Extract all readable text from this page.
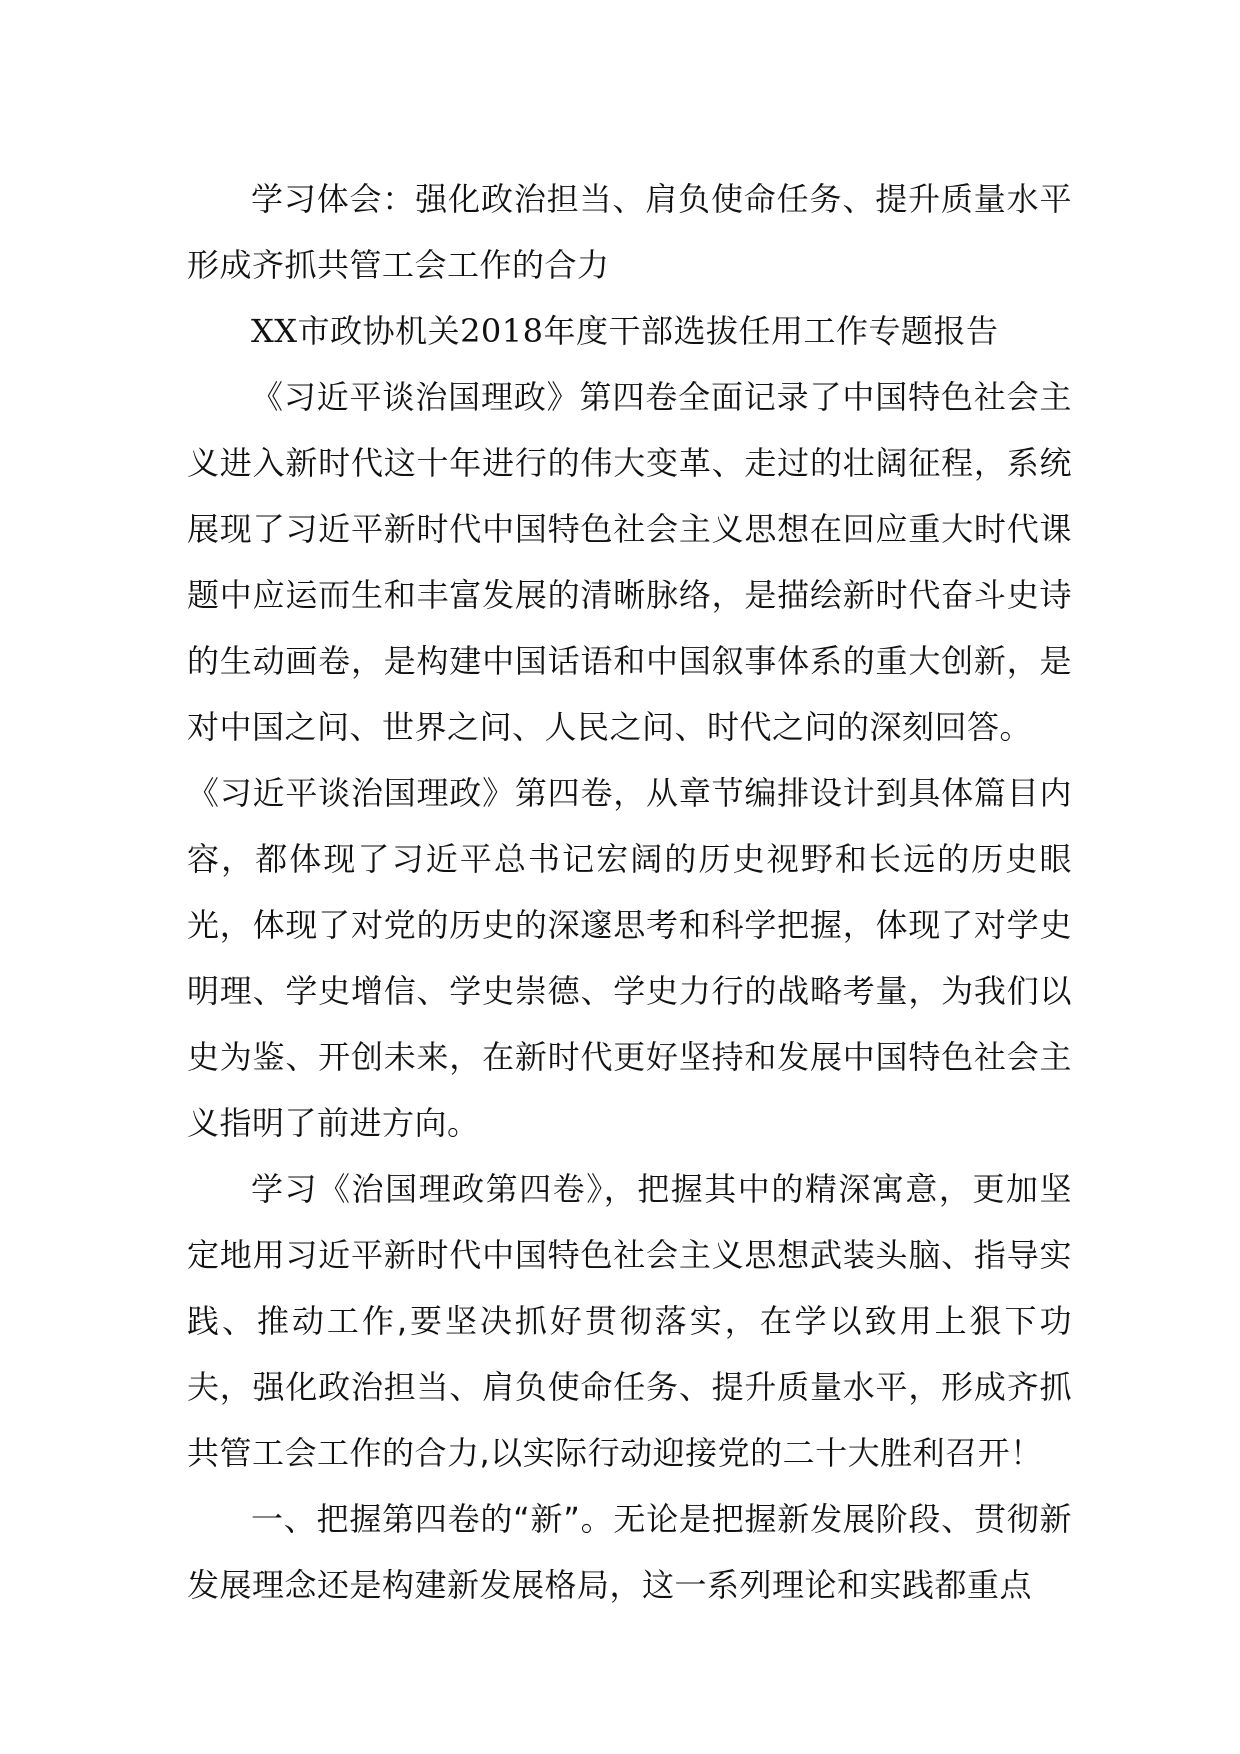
学习体会：强化政治担当、肩负使命任务、提升质量水平形成齐抓共管工会工作的合力

XX市政协机关2018年度干部选拔任用工作专题报告

《习近平谈治国理政》第四卷全面记录了中国特色社会主义进入新时代这十年进行的伟大变革、走过的壮阔征程，系统展现了习近平新时代中国特色社会主义思想在回应重大时代课题中应运而生和丰富发展的清晰脉络，是描绘新时代奋斗史诗的生动画卷，是构建中国话语和中国叙事体系的重大创新，是对中国之问、世界之问、人民之问、时代之问的深刻回答。

《习近平谈治国理政》第四卷，从章节编排设计到具体篇目内容，都体现了习近平总书记宏阔的历史视野和长远的历史眼光，体现了对党的历史的深邃思考和科学把握，体现了对学史明理、学史增信、学史崇德、学史力行的战略考量，为我们以史为鉴、开创未来，在新时代更好坚持和发展中国特色社会主义指明了前进方向。

学习《治国理政第四卷》，把握其中的精深寓意，更加坚定地用习近平新时代中国特色社会主义思想武装头脑、指导实践、推动工作,要坚决抓好贯彻落实，在学以致用上狠下功夫，强化政治担当、肩负使命任务、提升质量水平，形成齐抓共管工会工作的合力,以实际行动迎接党的二十大胜利召开！

一、把握第四卷的“新”。无论是把握新发展阶段、贯彻新发展理念还是构建新发展格局，这一系列理论和实践都重点
